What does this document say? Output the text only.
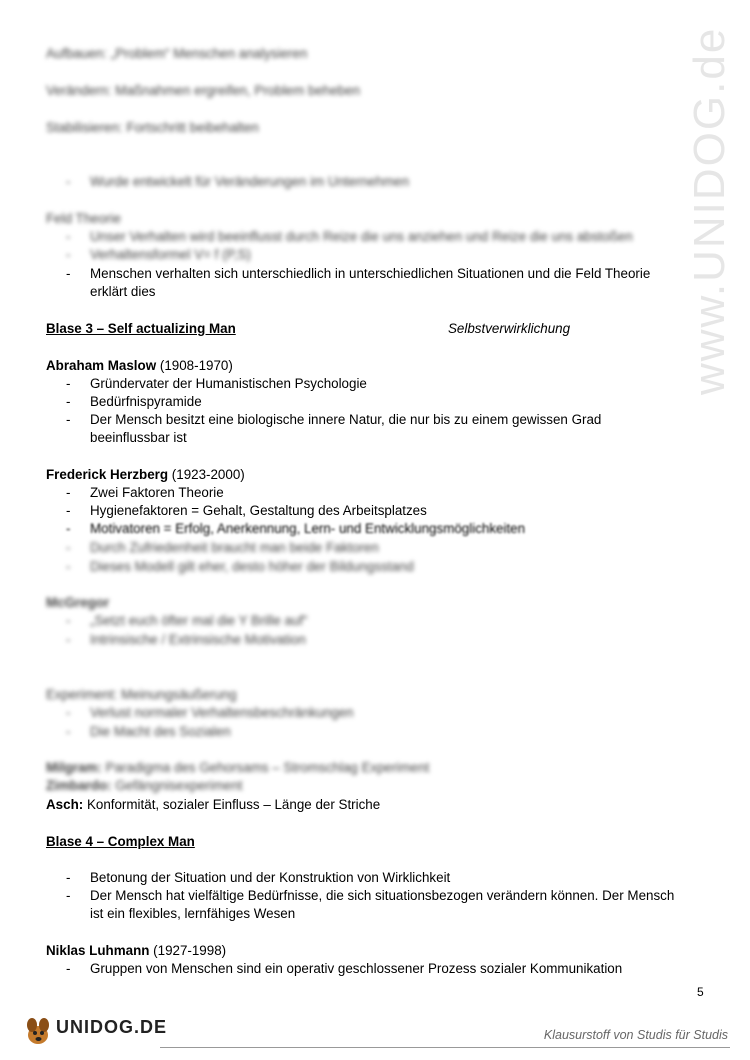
www.UNIDOG.de
Aufbauen: „Problem“ Menschen analysieren
Verändern: Maßnahmen ergreifen, Problem beheben
Stabilisieren: Fortschritt beibehalten
- Wurde entwickelt für Veränderungen im Unternehmen
Feld Theorie
- Unser Verhalten wird beeinflusst durch Reize die uns anziehen und Reize die uns abstoßen
- Verhaltensformel V= f (P,S)
- Menschen verhalten sich unterschiedlich in unterschiedlichen Situationen und die Feld Theorie
erklärt dies
Blase 3 – Self actualizing Man	Selbstverwirklichung
Abraham Maslow (1908-1970)
- Gründervater der Humanistischen Psychologie
- Bedürfnispyramide
- Der Mensch besitzt eine biologische innere Natur, die nur bis zu einem gewissen Grad
beeinflussbar ist
Frederick Herzberg (1923-2000)
- Zwei Faktoren Theorie
- Hygienefaktoren = Gehalt, Gestaltung des Arbeitsplatzes
- Motivatoren = Erfolg, Anerkennung, Lern- und Entwicklungsmöglichkeiten
- Durch Zufriedenheit braucht man beide Faktoren
- Dieses Modell gilt eher, desto höher der Bildungsstand
McGregor
- „Setzt euch öfter mal die Y Brille auf“
- Intrinsische / Extrinsische Motivation
Experiment: Meinungsäußerung
- Verlust normaler Verhaltensbeschränkungen
- Die Macht des Sozialen
Milgram: Paradigma des Gehorsams – Stromschlag Experiment
Zimbardo: Gefängnisexperiment
Asch: Konformität, sozialer Einfluss – Länge der Striche
Blase 4 – Complex Man
- Betonung der Situation und der Konstruktion von Wirklichkeit
- Der Mensch hat vielfältige Bedürfnisse, die sich situationsbezogen verändern können. Der Mensch
ist ein flexibles, lernfähiges Wesen
Niklas Luhmann (1927-1998)
- Gruppen von Menschen sind ein operativ geschlossener Prozess sozialer Kommunikation
5
UNIDOG.DE	Klausurstoff von Studis für Studis
